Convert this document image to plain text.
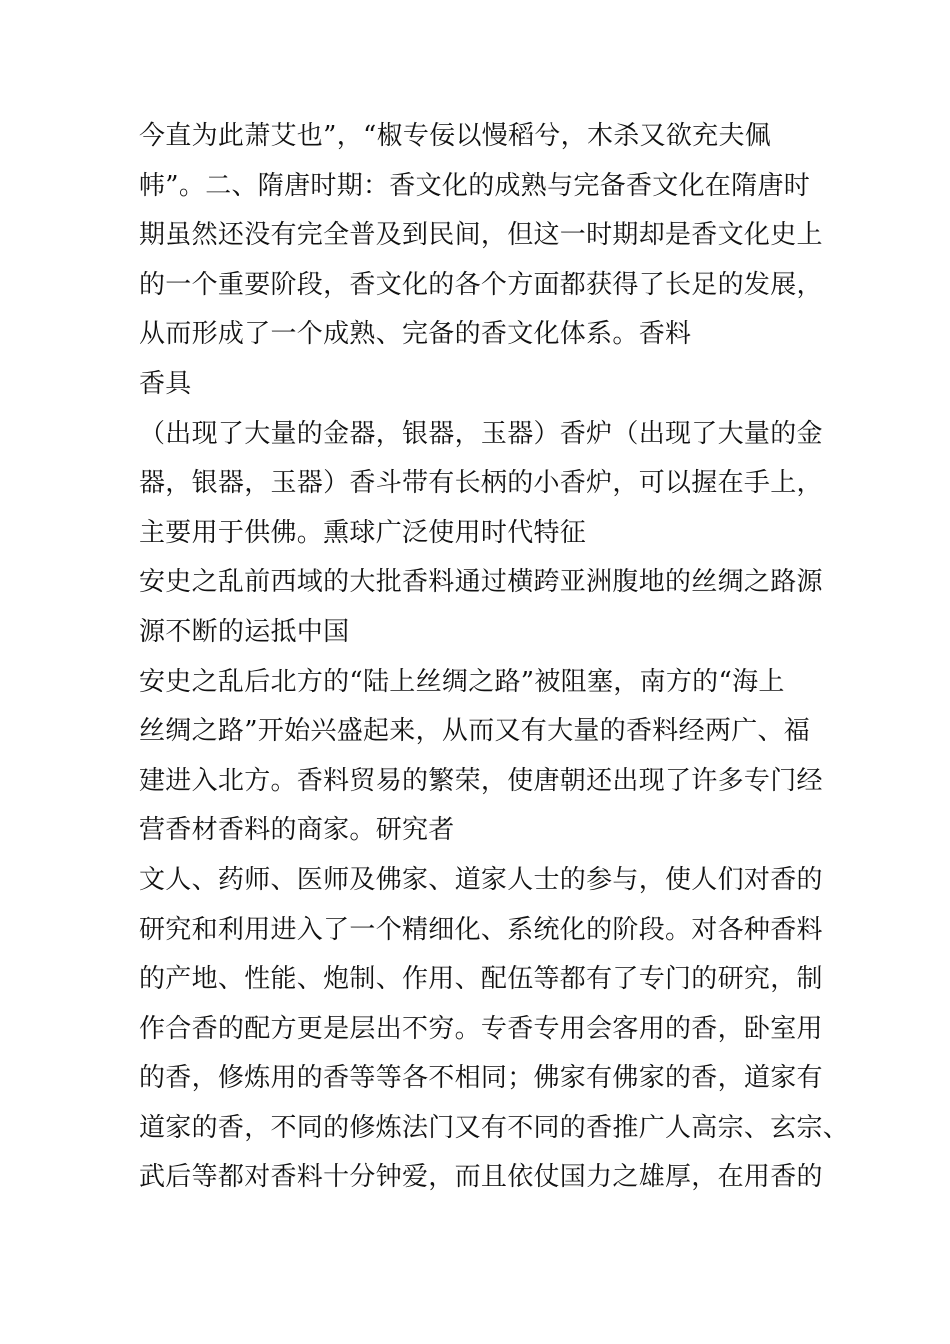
今直为此萧艾也”，“椒专佞以慢稻兮，木杀又欲充夫佩
帏”。二、隋唐时期：香文化的成熟与完备香文化在隋唐时
期虽然还没有完全普及到民间，但这一时期却是香文化史上
的一个重要阶段，香文化的各个方面都获得了长足的发展，
从而形成了一个成熟、完备的香文化体系。香料
香具
（出现了大量的金器，银器，玉器）香炉（出现了大量的金
器，银器，玉器）香斗带有长柄的小香炉，可以握在手上，
主要用于供佛。熏球广泛使用时代特征
安史之乱前西域的大批香料通过横跨亚洲腹地的丝绸之路源
源不断的运抵中国
安史之乱后北方的“陆上丝绸之路”被阻塞，南方的“海上
丝绸之路”开始兴盛起来，从而又有大量的香料经两广、福
建进入北方。香料贸易的繁荣，使唐朝还出现了许多专门经
营香材香料的商家。研究者
文人、药师、医师及佛家、道家人士的参与，使人们对香的
研究和利用进入了一个精细化、系统化的阶段。对各种香料
的产地、性能、炮制、作用、配伍等都有了专门的研究，制
作合香的配方更是层出不穷。专香专用会客用的香，卧室用
的香，修炼用的香等等各不相同；佛家有佛家的香，道家有
道家的香，不同的修炼法门又有不同的香推广人高宗、玄宗、
武后等都对香料十分钟爱，而且依仗国力之雄厚，在用香的
